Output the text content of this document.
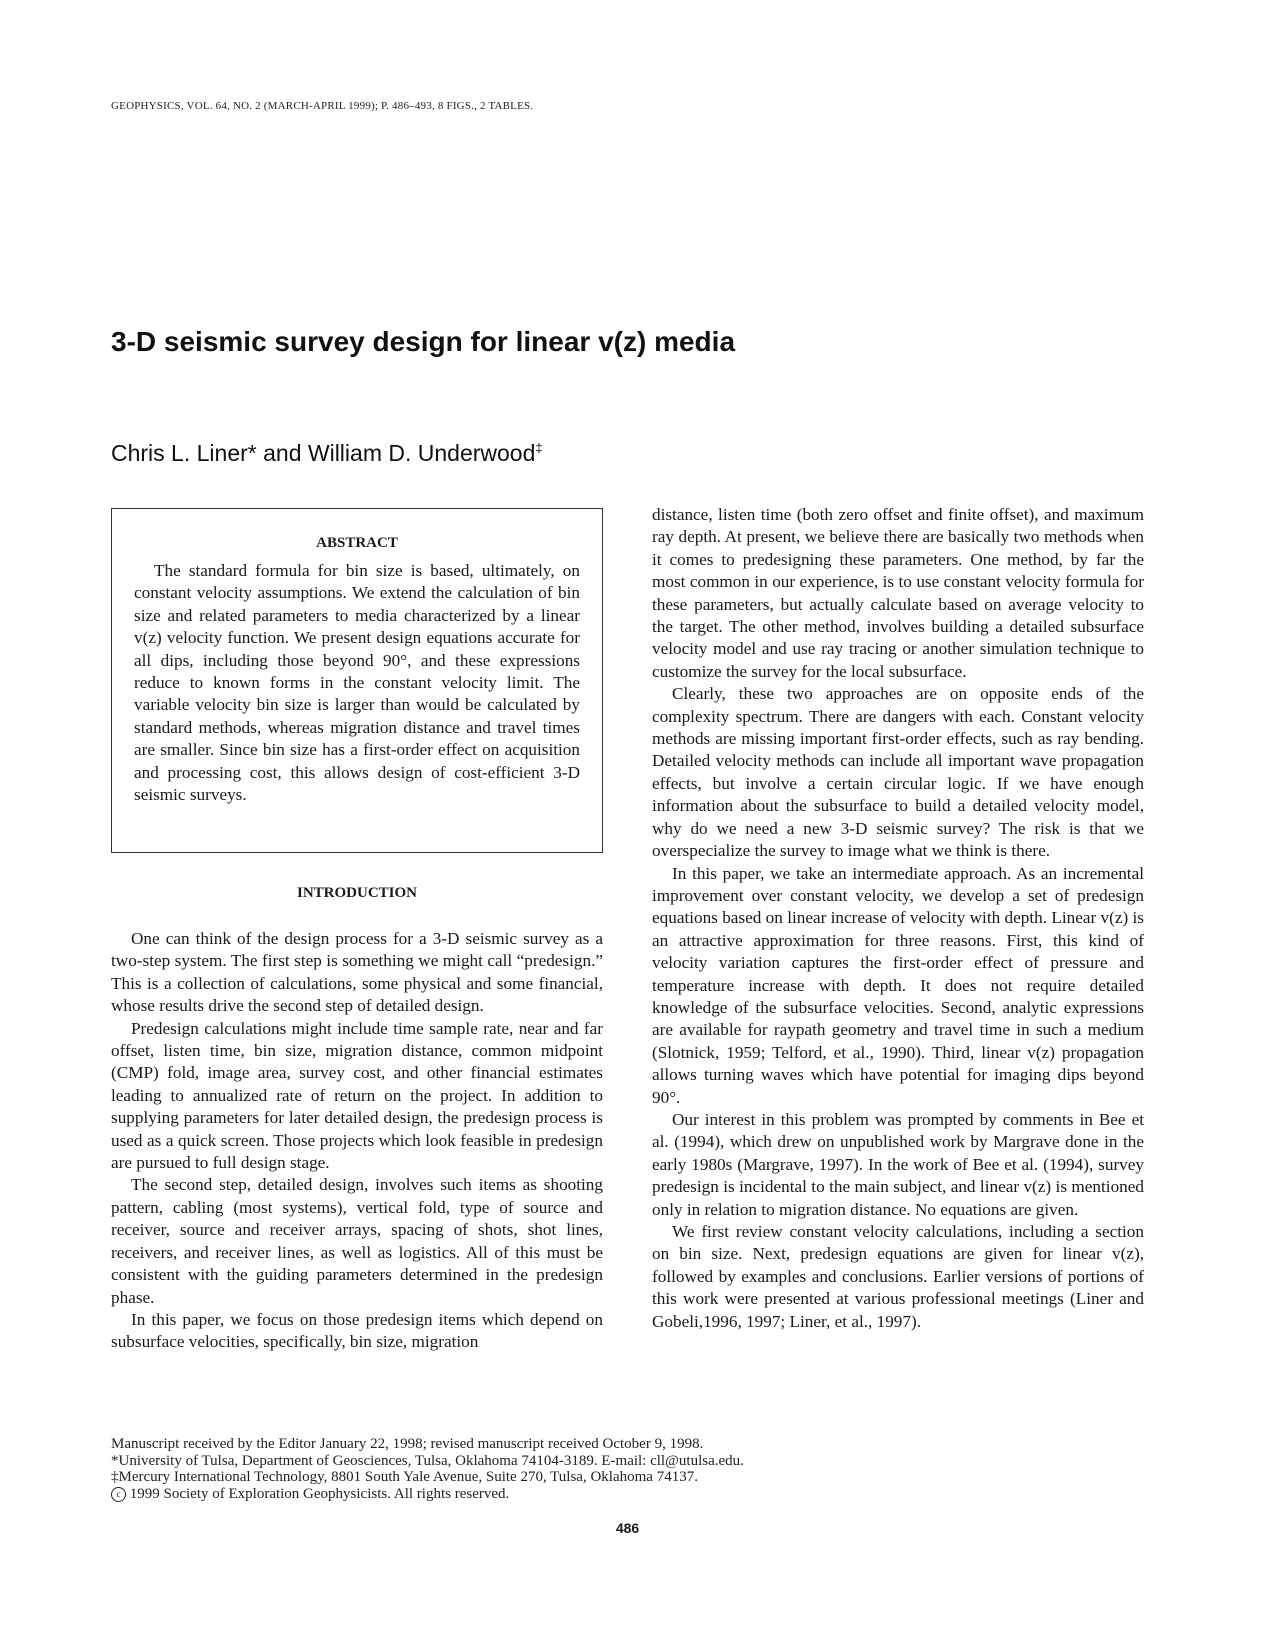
GEOPHYSICS, VOL. 64, NO. 2 (MARCH-APRIL 1999); P. 486–493, 8 FIGS., 2 TABLES.
3-D seismic survey design for linear v(z) media
Chris L. Liner* and William D. Underwood‡
ABSTRACT

The standard formula for bin size is based, ultimately, on constant velocity assumptions. We extend the calculation of bin size and related parameters to media characterized by a linear v(z) velocity function. We present design equations accurate for all dips, including those beyond 90°, and these expressions reduce to known forms in the constant velocity limit. The variable velocity bin size is larger than would be calculated by standard methods, whereas migration distance and travel times are smaller. Since bin size has a first-order effect on acquisition and processing cost, this allows design of cost-efficient 3-D seismic surveys.

INTRODUCTION

One can think of the design process for a 3-D seismic survey as a two-step system. The first step is something we might call “predesign.” This is a collection of calculations, some physical and some financial, whose results drive the second step of detailed design.

Predesign calculations might include time sample rate, near and far offset, listen time, bin size, migration distance, common midpoint (CMP) fold, image area, survey cost, and other financial estimates leading to annualized rate of return on the project. In addition to supplying parameters for later detailed design, the predesign process is used as a quick screen. Those projects which look feasible in predesign are pursued to full design stage.

The second step, detailed design, involves such items as shooting pattern, cabling (most systems), vertical fold, type of source and receiver, source and receiver arrays, spacing of shots, shot lines, receivers, and receiver lines, as well as logistics. All of this must be consistent with the guiding parameters determined in the predesign phase.

In this paper, we focus on those predesign items which depend on subsurface velocities, specifically, bin size, migration

distance, listen time (both zero offset and finite offset), and maximum ray depth. At present, we believe there are basically two methods when it comes to predesigning these parameters. One method, by far the most common in our experience, is to use constant velocity formula for these parameters, but actually calculate based on average velocity to the target. The other method, involves building a detailed subsurface velocity model and use ray tracing or another simulation technique to customize the survey for the local subsurface.

Clearly, these two approaches are on opposite ends of the complexity spectrum. There are dangers with each. Constant velocity methods are missing important first-order effects, such as ray bending. Detailed velocity methods can include all important wave propagation effects, but involve a certain circular logic. If we have enough information about the subsurface to build a detailed velocity model, why do we need a new 3-D seismic survey? The risk is that we overspecialize the survey to image what we think is there.

In this paper, we take an intermediate approach. As an incremental improvement over constant velocity, we develop a set of predesign equations based on linear increase of velocity with depth. Linear v(z) is an attractive approximation for three reasons. First, this kind of velocity variation captures the first-order effect of pressure and temperature increase with depth. It does not require detailed knowledge of the subsurface velocities. Second, analytic expressions are available for raypath geometry and travel time in such a medium (Slotnick, 1959; Telford, et al., 1990). Third, linear v(z) propagation allows turning waves which have potential for imaging dips beyond 90°.

Our interest in this problem was prompted by comments in Bee et al. (1994), which drew on unpublished work by Margrave done in the early 1980s (Margrave, 1997). In the work of Bee et al. (1994), survey predesign is incidental to the main subject, and linear v(z) is mentioned only in relation to migration distance. No equations are given.

We first review constant velocity calculations, including a section on bin size. Next, predesign equations are given for linear v(z), followed by examples and conclusions. Earlier versions of portions of this work were presented at various professional meetings (Liner and Gobeli,1996, 1997; Liner, et al., 1997).

Manuscript received by the Editor January 22, 1998; revised manuscript received October 9, 1998.
*University of Tulsa, Department of Geosciences, Tulsa, Oklahoma 74104-3189. E-mail: cll@utulsa.edu.
‡Mercury International Technology, 8801 South Yale Avenue, Suite 270, Tulsa, Oklahoma 74137.
c 1999 Society of Exploration Geophysicists. All rights reserved.
486
